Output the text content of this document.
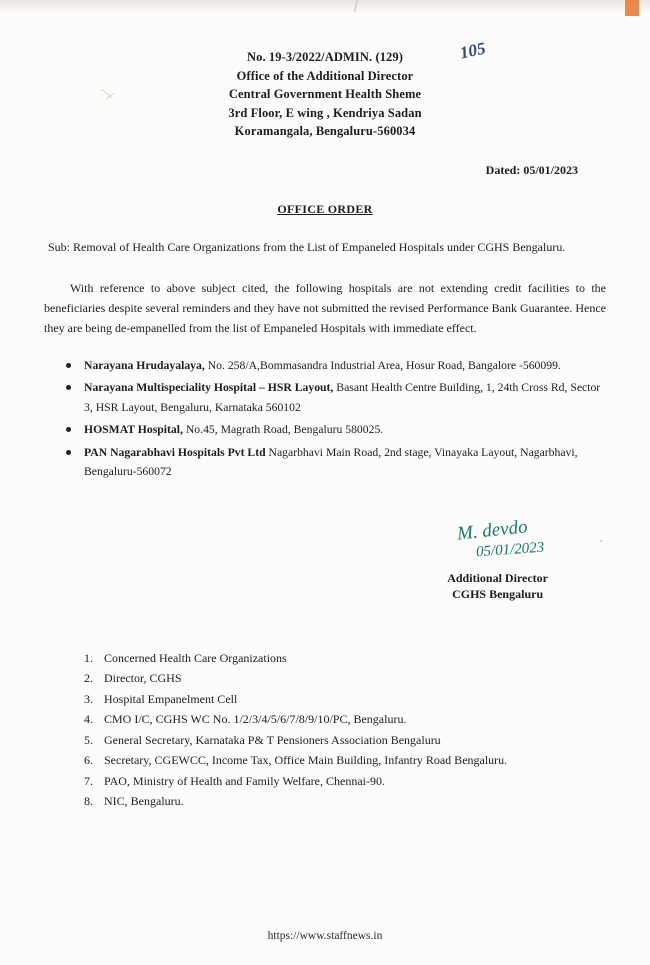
No. 19-3/2022/ADMIN. (129)	105
Office of the Additional Director
Central Government Health Sheme
3rd Floor, E wing , Kendriya Sadan
Koramangala, Bengaluru-560034
Dated: 05/01/2023
OFFICE ORDER
Sub: Removal of Health Care Organizations from the List of Empaneled Hospitals under CGHS Bengaluru.
With reference to above subject cited, the following hospitals are not extending credit facilities to the beneficiaries despite several reminders and they have not submitted the revised Performance Bank Guarantee. Hence they are being de-empanelled from the list of Empaneled Hospitals with immediate effect.
Narayana Hrudayalaya, No. 258/A,Bommasandra Industrial Area, Hosur Road, Bangalore -560099.
Narayana Multispeciality Hospital – HSR Layout, Basant Health Centre Building, 1, 24th Cross Rd, Sector 3, HSR Layout, Bengaluru, Karnataka 560102
HOSMAT Hospital, No.45, Magrath Road, Bengaluru 580025.
PAN Nagarabhavi Hospitals Pvt Ltd Nagarbhavi Main Road, 2nd stage, Vinayaka Layout, Nagarbhavi, Bengaluru-560072
M. devdo
05/01/2023
Additional Director
CGHS Bengaluru
1. Concerned Health Care Organizations
2. Director, CGHS
3. Hospital Empanelment Cell
4. CMO I/C, CGHS WC No. 1/2/3/4/5/6/7/8/9/10/PC, Bengaluru.
5. General Secretary, Karnataka P& T Pensioners Association Bengaluru
6. Secretary, CGEWCC, Income Tax, Office Main Building, Infantry Road Bengaluru.
7. PAO, Ministry of Health and Family Welfare, Chennai-90.
8. NIC, Bengaluru.
https://www.staffnews.in
